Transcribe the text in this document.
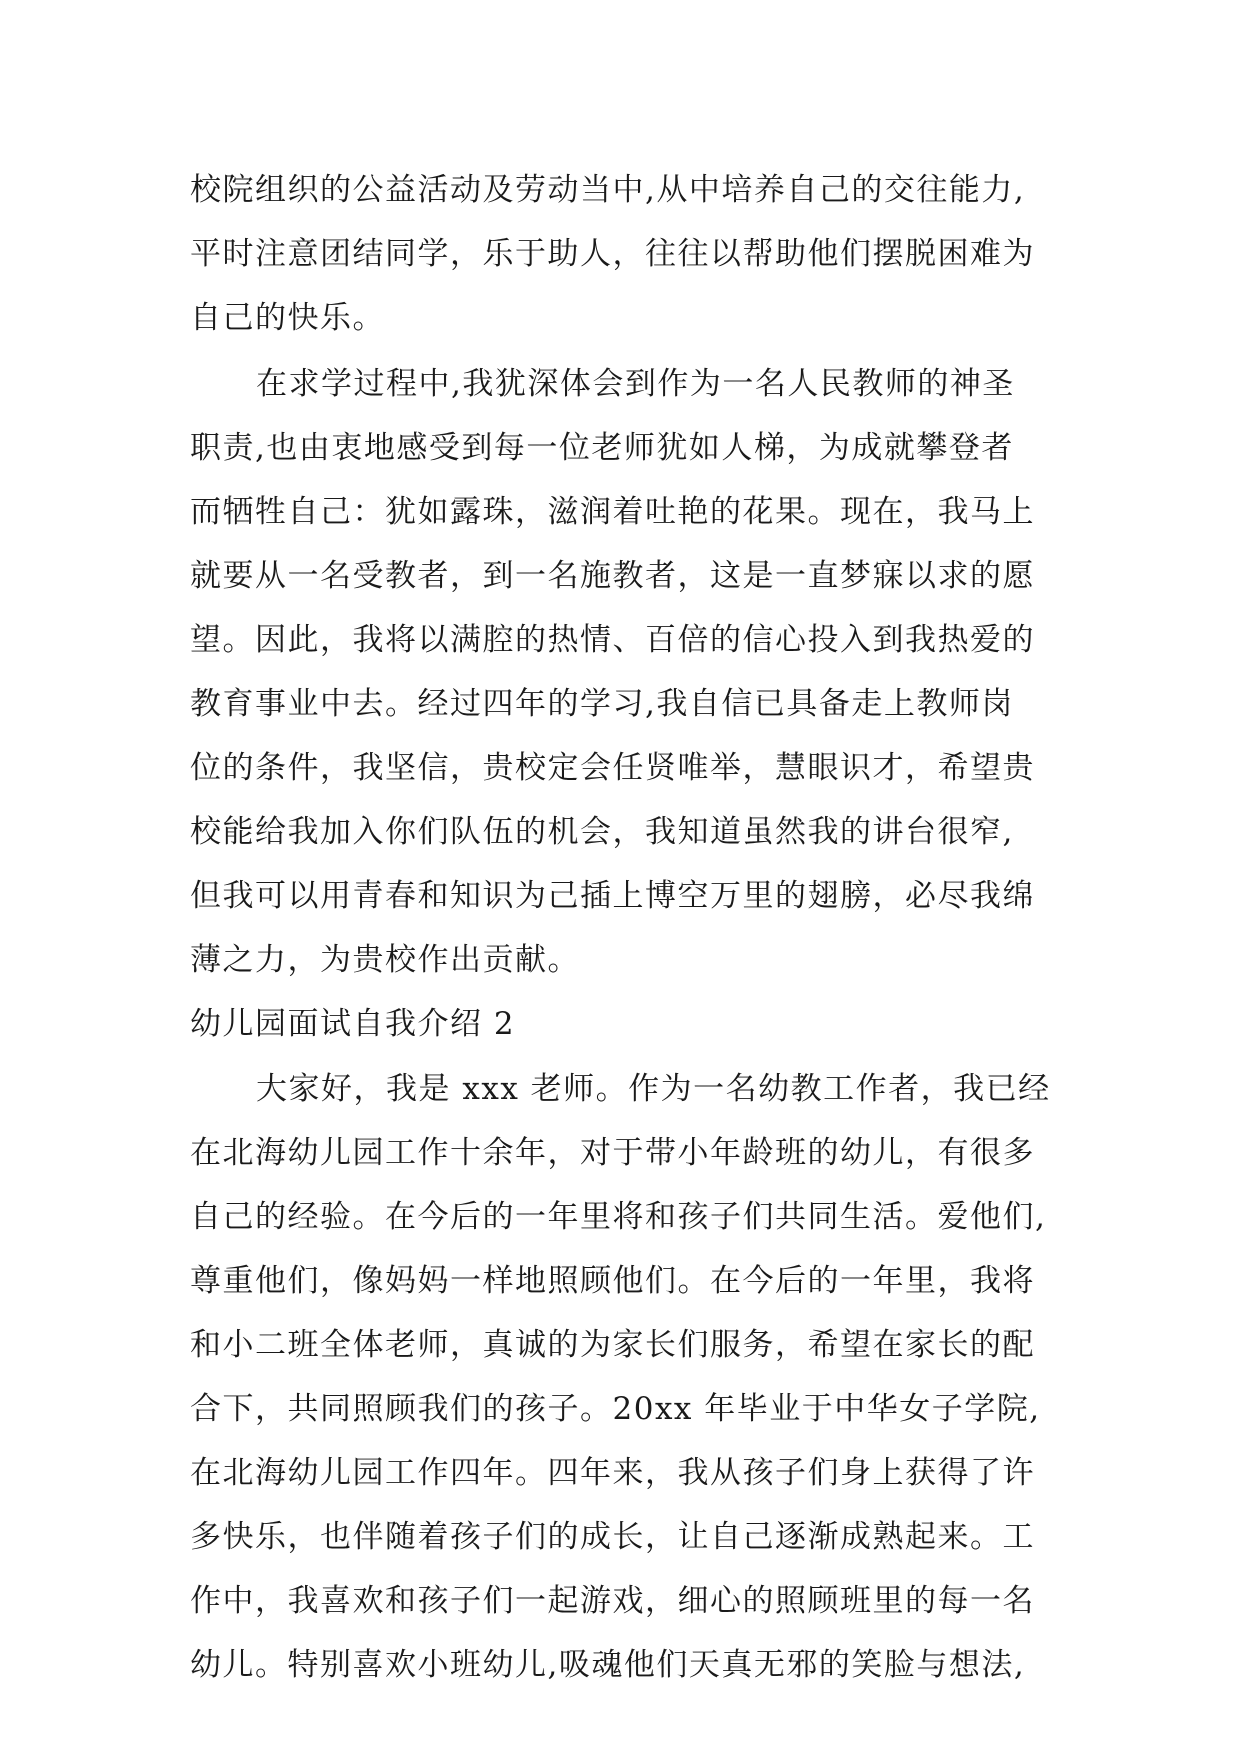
校院组织的公益活动及劳动当中,从中培养自己的交往能力,
平时注意团结同学，乐于助人，往往以帮助他们摆脱困难为
自己的快乐。
在求学过程中,我犹深体会到作为一名人民教师的神圣
职责,也由衷地感受到每一位老师犹如人梯，为成就攀登者
而牺牲自己：犹如露珠，滋润着吐艳的花果。现在，我马上
就要从一名受教者，到一名施教者，这是一直梦寐以求的愿
望。因此，我将以满腔的热情、百倍的信心投入到我热爱的
教育事业中去。经过四年的学习,我自信已具备走上教师岗
位的条件，我坚信，贵校定会任贤唯举，慧眼识才，希望贵
校能给我加入你们队伍的机会，我知道虽然我的讲台很窄,
但我可以用青春和知识为己插上博空万里的翅膀，必尽我绵
薄之力，为贵校作出贡献。
幼儿园面试自我介绍 2
大家好，我是 xxx 老师。作为一名幼教工作者，我已经
在北海幼儿园工作十余年，对于带小年龄班的幼儿，有很多
自己的经验。在今后的一年里将和孩子们共同生活。爱他们,
尊重他们，像妈妈一样地照顾他们。在今后的一年里，我将
和小二班全体老师，真诚的为家长们服务，希望在家长的配
合下，共同照顾我们的孩子。20xx 年毕业于中华女子学院,
在北海幼儿园工作四年。四年来，我从孩子们身上获得了许
多快乐，也伴随着孩子们的成长，让自己逐渐成熟起来。工
作中，我喜欢和孩子们一起游戏，细心的照顾班里的每一名
幼儿。特别喜欢小班幼儿,吸魂他们天真无邪的笑脸与想法,
